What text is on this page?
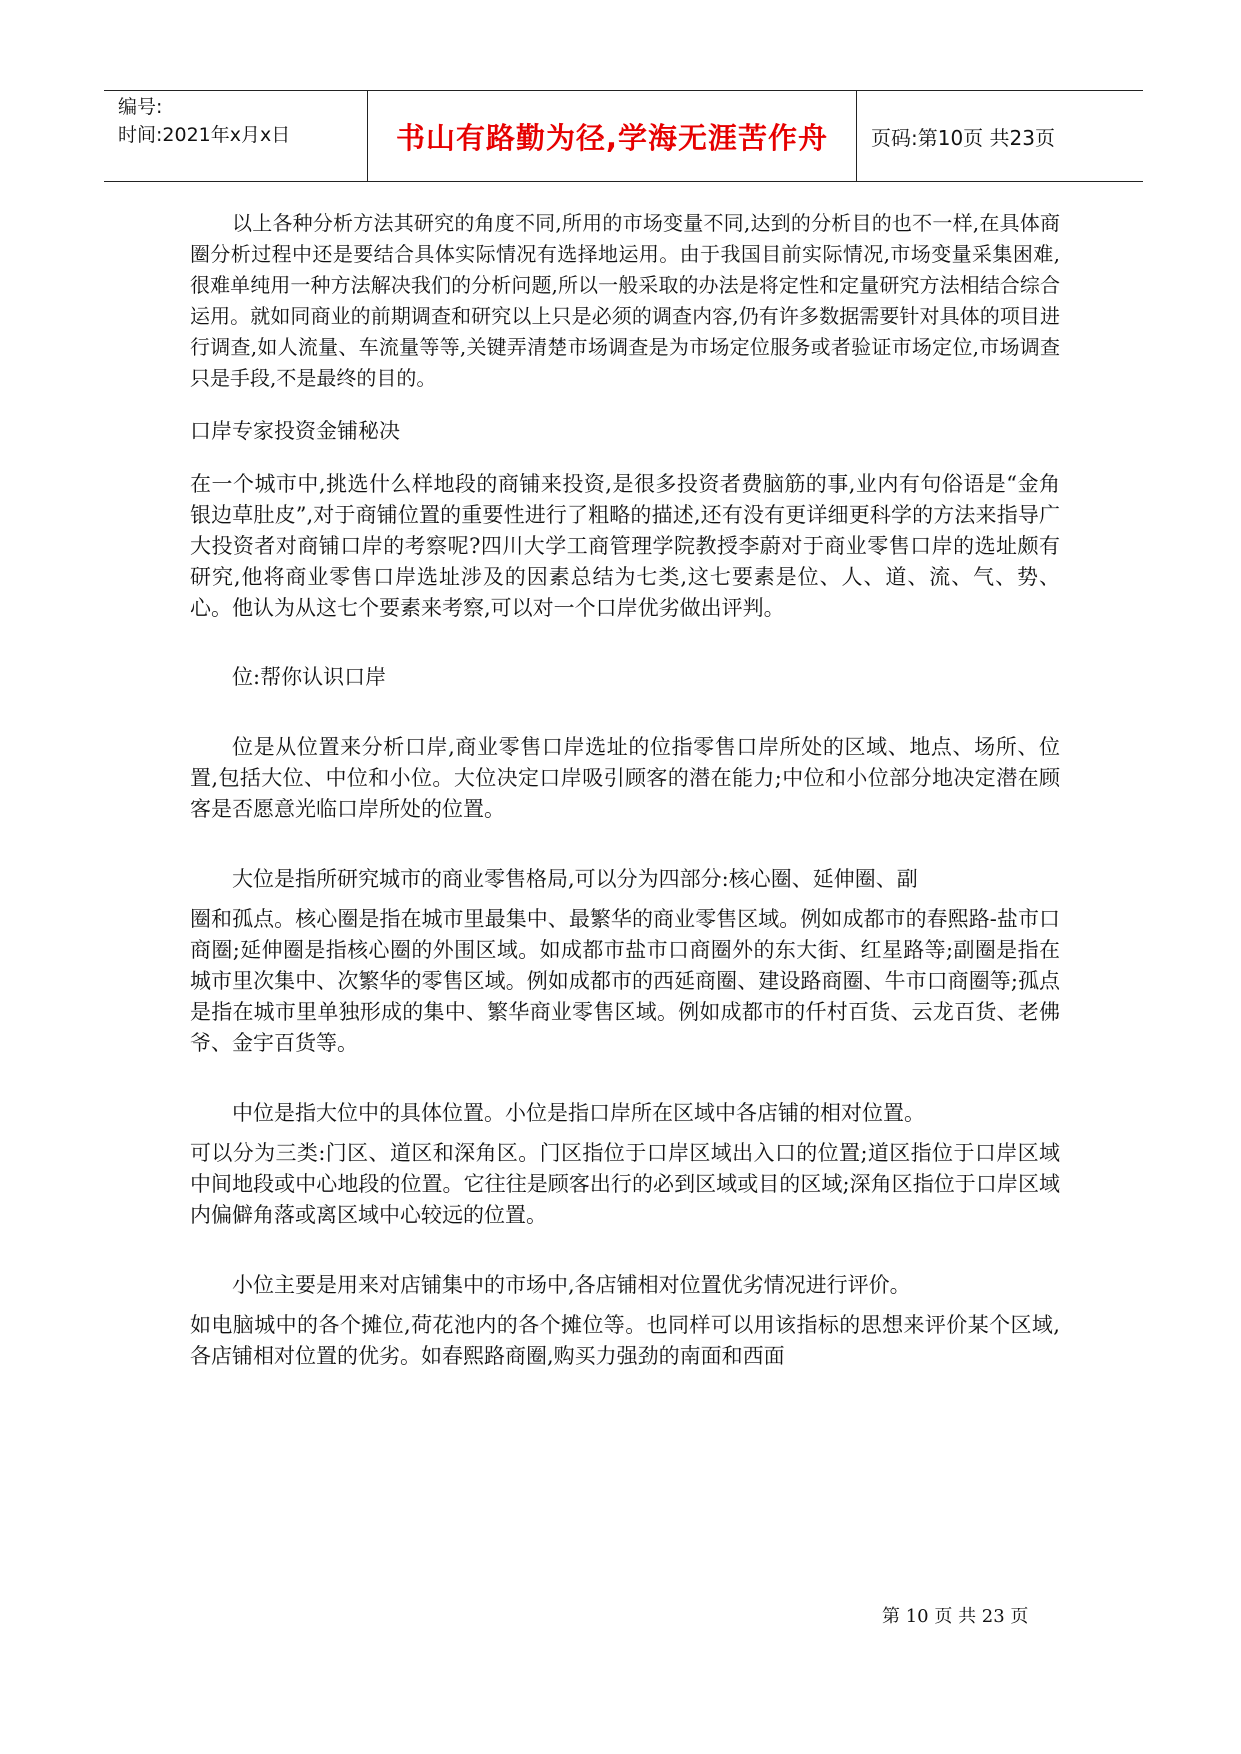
编号:
时间:2021年x月x日	书山有路勤为径,学海无涯苦作舟	页码:第10页 共23页

以上各种分析方法其研究的角度不同,所用的市场变量不同,达到的分析目的也不一样,在具体商圈分析过程中还是要结合具体实际情况有选择地运用。由于我国目前实际情况,市场变量采集困难,很难单纯用一种方法解决我们的分析问题,所以一般采取的办法是将定性和定量研究方法相结合综合运用。就如同商业的前期调查和研究以上只是必须的调查内容,仍有许多数据需要针对具体的项目进行调查,如人流量、车流量等等,关键弄清楚市场调查是为市场定位服务或者验证市场定位,市场调查只是手段,不是最终的目的。

口岸专家投资金铺秘决

在一个城市中,挑选什么样地段的商铺来投资,是很多投资者费脑筋的事,业内有句俗语是“金角银边草肚皮”,对于商铺位置的重要性进行了粗略的描述,还有没有更详细更科学的方法来指导广大投资者对商铺口岸的考察呢?四川大学工商管理学院教授李蔚对于商业零售口岸的选址颇有研究,他将商业零售口岸选址涉及的因素总结为七类,这七要素是位、人、道、流、气、势、心。他认为从这七个要素来考察,可以对一个口岸优劣做出评判。

位:帮你认识口岸

位是从位置来分析口岸,商业零售口岸选址的位指零售口岸所处的区域、地点、场所、位置,包括大位、中位和小位。大位决定口岸吸引顾客的潜在能力;中位和小位部分地决定潜在顾客是否愿意光临口岸所处的位置。

大位是指所研究城市的商业零售格局,可以分为四部分:核心圈、延伸圈、副

圈和孤点。核心圈是指在城市里最集中、最繁华的商业零售区域。例如成都市的春熙路-盐市口商圈;延伸圈是指核心圈的外围区域。如成都市盐市口商圈外的东大街、红星路等;副圈是指在城市里次集中、次繁华的零售区域。例如成都市的西延商圈、建设路商圈、牛市口商圈等;孤点是指在城市里单独形成的集中、繁华商业零售区域。例如成都市的仟村百货、云龙百货、老佛爷、金宇百货等。

中位是指大位中的具体位置。小位是指口岸所在区域中各店铺的相对位置。

可以分为三类:门区、道区和深角区。门区指位于口岸区域出入口的位置;道区指位于口岸区域中间地段或中心地段的位置。它往往是顾客出行的必到区域或目的区域;深角区指位于口岸区域内偏僻角落或离区域中心较远的位置。

小位主要是用来对店铺集中的市场中,各店铺相对位置优劣情况进行评价。

如电脑城中的各个摊位,荷花池内的各个摊位等。也同样可以用该指标的思想来评价某个区域,各店铺相对位置的优劣。如春熙路商圈,购买力强劲的南面和西面

第 10 页 共 23 页
